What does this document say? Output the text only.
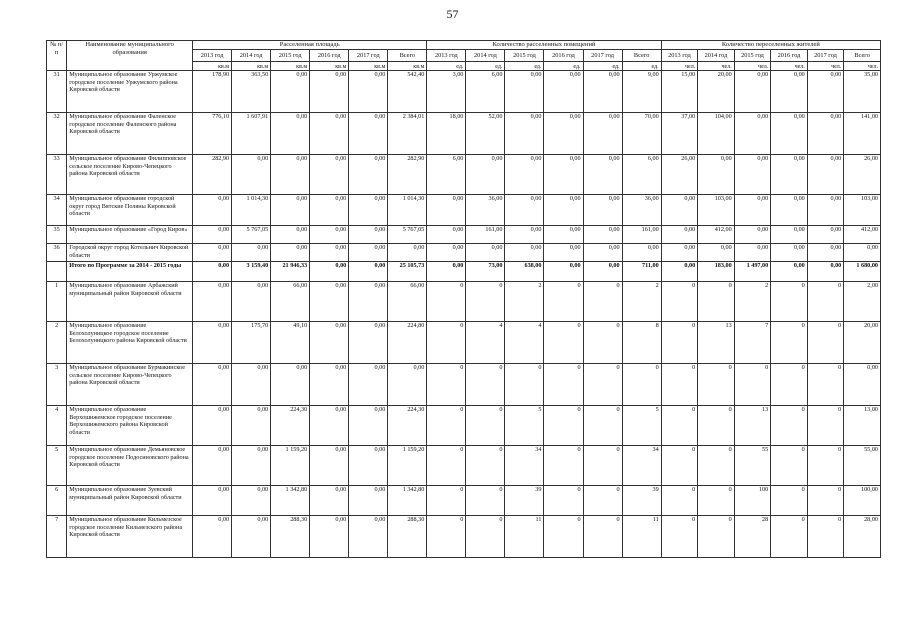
57
№ п/п	Наименование муниципального образования	Расселенная площадь						Количество расселенных помещений						Количество переселенных жителей					
		2013 год	2014 год	2015 год	2016 год	2017 год	Всего	2013 год	2014 год	2015 год	2016 год	2017 год	Всего	2013 год	2014 год	2015 год	2016 год	2017 год	Всего
		кв.м	кв.м	кв.м	кв.м	кв.м	кв.м	ед.	ед.	ед.	ед.	ед.	ед.	чел.	чел.	чел.	чел.	чел.	чел.
31	Муниципальное образование Уржумское городское поселение Уржумского района Кировской области	178,90	363,50	0,00	0,00	0,00	542,40	3,00	6,00	0,00	0,00	0,00	9,00	15,00	20,00	0,00	0,00	0,00	35,00
32	Муниципальное образование Фаленское городское поселение Фаленского района Кировской области	776,10	1 607,91	0,00	0,00	0,00	2 384,01	18,00	52,00	0,00	0,00	0,00	70,00	37,00	104,00	0,00	0,00	0,00	141,00
33	Муниципальное образование Филипповское сельское поселение Кирово-Чепецкого района Кировской области	282,90	0,00	0,00	0,00	0,00	282,90	6,00	0,00	0,00	0,00	0,00	6,00	26,00	0,00	0,00	0,00	0,00	26,00
34	Муниципальное образование городской округ город Вятские Поляны Кировской области	0,00	1 014,30	0,00	0,00	0,00	1 014,30	0,00	36,00	0,00	0,00	0,00	36,00	0,00	103,00	0,00	0,00	0,00	103,00
35	Муниципальное образование «Город Киров»	0,00	5 767,05	0,00	0,00	0,00	5 767,05	0,00	161,00	0,00	0,00	0,00	161,00	0,00	412,00	0,00	0,00	0,00	412,00
36	Городской округ город Котельнич Кировской области	0,00	0,00	0,00	0,00	0,00	0,00	0,00	0,00	0,00	0,00	0,00	0,00	0,00	0,00	0,00	0,00	0,00	0,00
	Итого по Программе за 2014 - 2015 годы	0,00	3 159,40	21 946,33	0,00	0,00	25 105,73	0,00	73,00	638,00	0,00	0,00	711,00	0,00	183,00	1 497,00	0,00	0,00	1 680,00
1	Муниципальное образование Арбажский муниципальный район Кировской области	0,00	0,00	66,00	0,00	0,00	66,00	0	0	2	0	0	2	0	0	2	0	0	2,00
2	Муниципальное образование Белохолуницкое городское поселение Белохолуницкого района Кировской области	0,00	175,70	49,10	0,00	0,00	224,80	0	4	4	0	0	8	0	13	7	0	0	20,00
3	Муниципальное образование Бурмакинское сельское поселение Кирово-Чепецкого района Кировской области	0,00	0,00	0,00	0,00	0,00	0,00	0	0	0	0	0	0	0	0	0	0	0	0,00
4	Муниципальное образование Верхошижемское городское поселение Верхошижемского района Кировской области	0,00	0,00	224,30	0,00	0,00	224,30	0	0	5	0	0	5	0	0	13	0	0	13,00
5	Муниципальное образование Демьяновское городское поселение Подосиновского района Кировской области	0,00	0,00	1 159,20	0,00	0,00	1 159,20	0	0	34	0	0	34	0	0	55	0	0	55,00
6	Муниципальное образование Зуевский муниципальный район Кировской области	0,00	0,00	1 342,80	0,00	0,00	1 342,80	0	0	39	0	0	39	0	0	100	0	0	100,00
7	Муниципальное образование Кильмезское городское поселение Кильмезского района Кировской области	0,00	0,00	288,30	0,00	0,00	288,30	0	0	11	0	0	11	0	0	28	0	0	28,00
